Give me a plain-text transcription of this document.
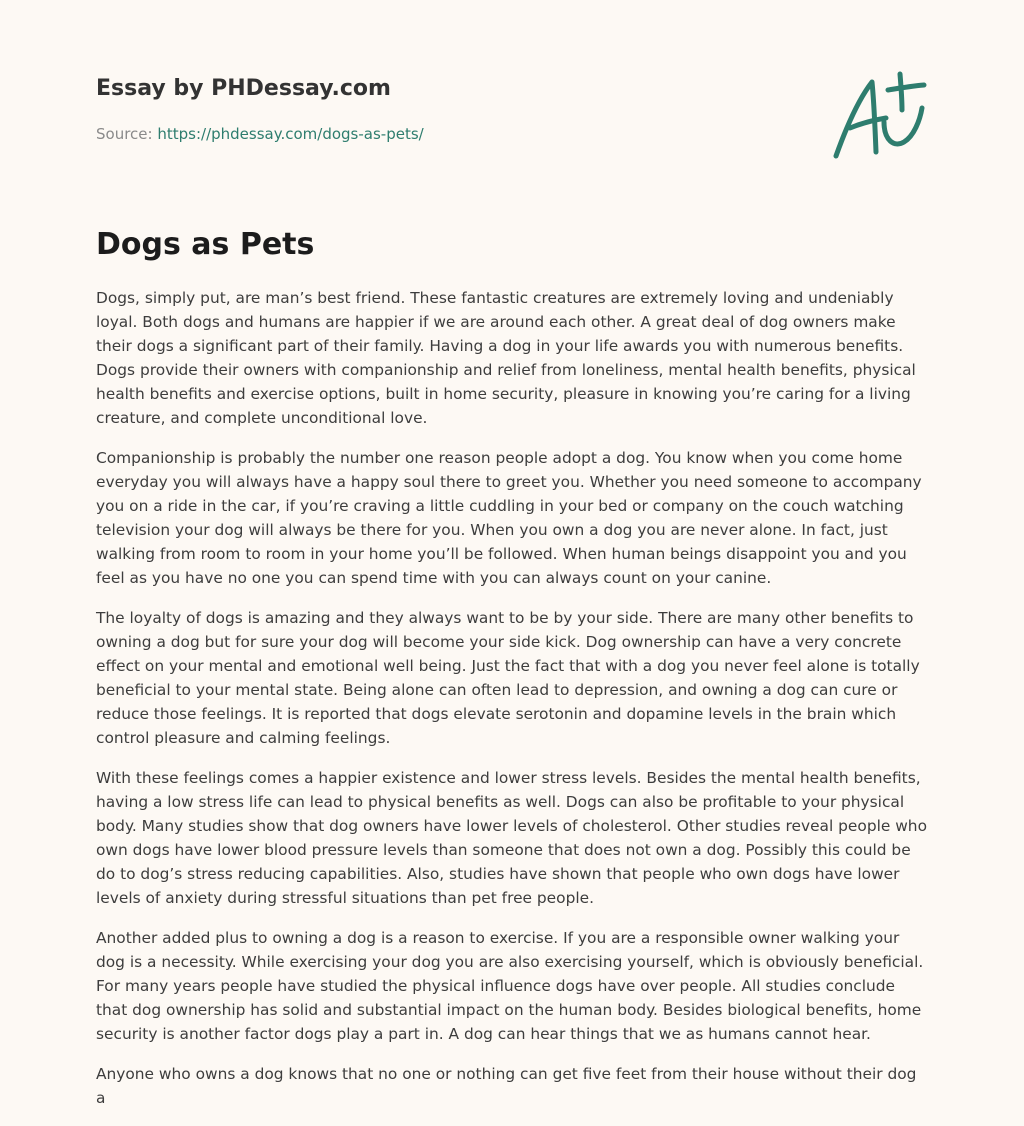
Essay by PHDessay.com
Source: https://phdessay.com/dogs-as-pets/
Dogs as Pets

Dogs, simply put, are man’s best friend. These fantastic creatures are extremely loving and undeniably loyal. Both dogs and humans are happier if we are around each other. A great deal of dog owners make their dogs a significant part of their family. Having a dog in your life awards you with numerous benefits. Dogs provide their owners with companionship and relief from loneliness, mental health benefits, physical health benefits and exercise options, built in home security, pleasure in knowing you’re caring for a living creature, and complete unconditional love.

Companionship is probably the number one reason people adopt a dog. You know when you come home everyday you will always have a happy soul there to greet you. Whether you need someone to accompany you on a ride in the car, if you’re craving a little cuddling in your bed or company on the couch watching television your dog will always be there for you. When you own a dog you are never alone. In fact, just walking from room to room in your home you’ll be followed. When human beings disappoint you and you feel as you have no one you can spend time with you can always count on your canine.

The loyalty of dogs is amazing and they always want to be by your side. There are many other benefits to owning a dog but for sure your dog will become your side kick. Dog ownership can have a very concrete effect on your mental and emotional well being. Just the fact that with a dog you never feel alone is totally beneficial to your mental state. Being alone can often lead to depression, and owning a dog can cure or reduce those feelings. It is reported that dogs elevate serotonin and dopamine levels in the brain which control pleasure and calming feelings.

With these feelings comes a happier existence and lower stress levels. Besides the mental health benefits, having a low stress life can lead to physical benefits as well. Dogs can also be profitable to your physical body. Many studies show that dog owners have lower levels of cholesterol. Other studies reveal people who own dogs have lower blood pressure levels than someone that does not own a dog. Possibly this could be do to dog’s stress reducing capabilities. Also, studies have shown that people who own dogs have lower levels of anxiety during stressful situations than pet free people.

Another added plus to owning a dog is a reason to exercise. If you are a responsible owner walking your dog is a necessity. While exercising your dog you are also exercising yourself, which is obviously beneficial. For many years people have studied the physical influence dogs have over people. All studies conclude that dog ownership has solid and substantial impact on the human body. Besides biological benefits, home security is another factor dogs play a part in. A dog can hear things that we as humans cannot hear.

Anyone who owns a dog knows that no one or nothing can get five feet from their house without their dog a
